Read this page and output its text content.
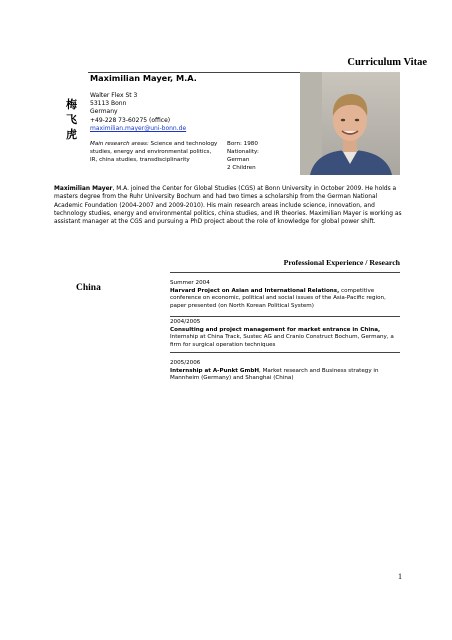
Curriculum Vitae
梅
飞
虎
Maximilian Mayer, M.A.
Walter Flex St 3
53113 Bonn
Germany
+49-228 73-60275 (office)
maximilian.mayer@uni-bonn.de
Main research areas: Science and technology studies, energy and environmental politics, IR, china studies, transdisciplinarity
Born: 1980
Nationality:
German
2 Children
Maximilian Mayer, M.A. joined the Center for Global Studies (CGS) at Bonn University in October 2009. He holds a masters degree from the Ruhr University Bochum and had two times a scholarship from the German National Academic Foundation (2004-2007 and 2009-2010). His main research areas include science, innovation, and technology studies, energy and environmental politics, china studies, and IR theories. Maximilian Mayer is working as assistant manager at the CGS and pursuing a PhD project about the role of knowledge for global power shift.
Professional Experience / Research
China	Summer 2004
Harvard Project on Asian and International Relations, competitive conference on economic, political and social issues of the Asia-Pacific region, paper presented (on North Korean Political System)
2004/2005
Consulting and project management for market entrance in China, Internship at China Track, Sustec AG and Cranio Construct Bochum, Germany, a firm for surgical operation techniques
2005/2006
Internship at A-Punkt GmbH, Market research and Business strategy in Mannheim (Germany) and Shanghai (China)
1
